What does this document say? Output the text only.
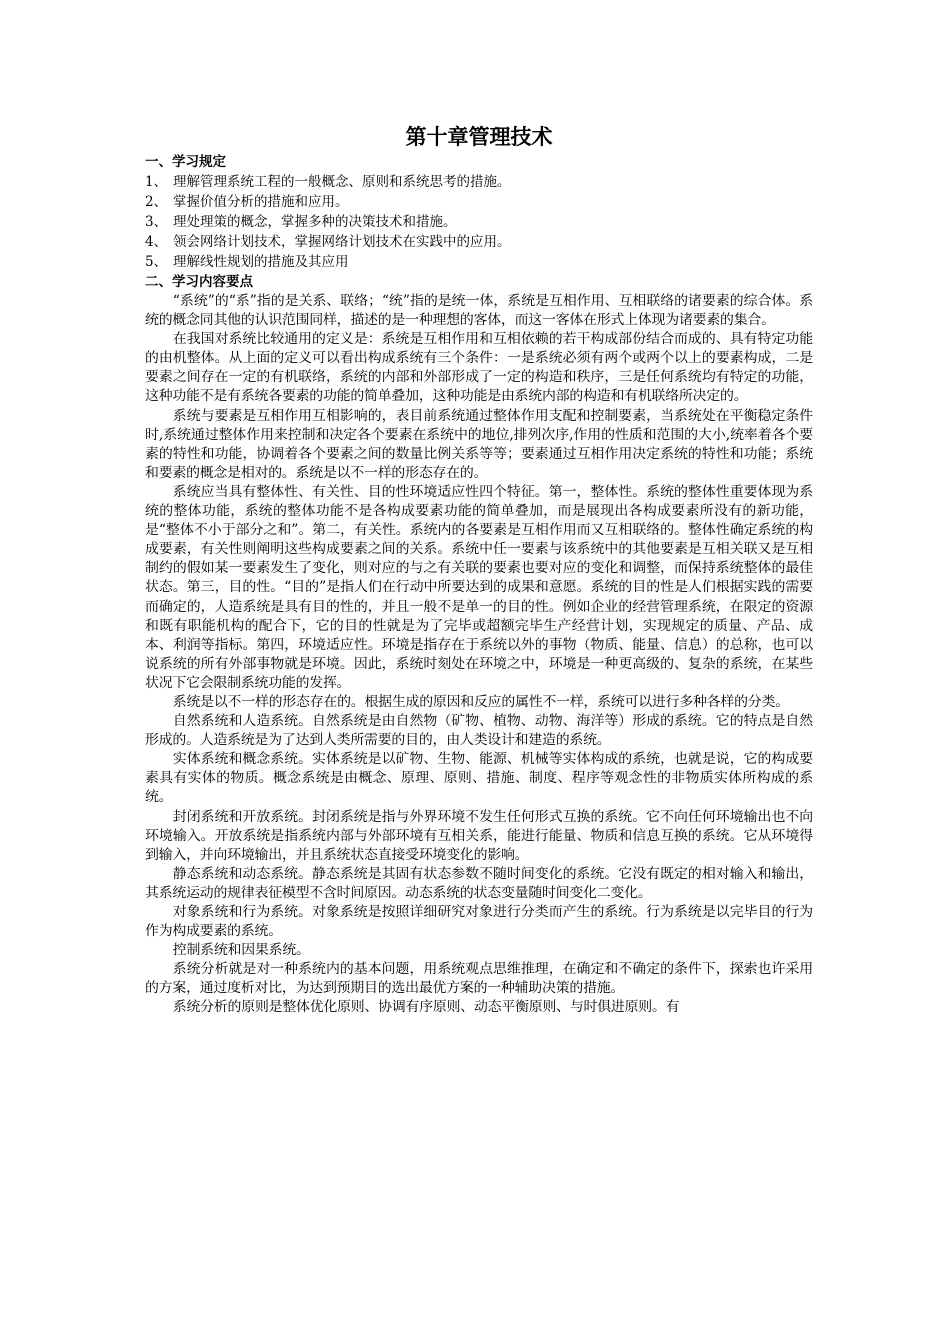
第十章管理技术
一、学习规定
1、 理解管理系统工程的一般概念、原则和系统思考的措施。
2、 掌握价值分析的措施和应用。
3、 理处理策的概念，掌握多种的决策技术和措施。
4、 领会网络计划技术，掌握网络计划技术在实践中的应用。
5、 理解线性规划的措施及其应用
二、学习内容要点

“系统”的“系”指的是关系、联络；“统”指的是统一体，系统是互相作用、互相联络的诸要素的综合体。系统的概念同其他的认识范围同样，描述的是一种理想的客体，而这一客体在形式上体现为诸要素的集合。

在我国对系统比较通用的定义是：系统是互相作用和互相依赖的若干构成部份结合而成的、具有特定功能的由机整体。从上面的定义可以看出构成系统有三个条件：一是系统必须有两个或两个以上的要素构成，二是要素之间存在一定的有机联络，系统的内部和外部形成了一定的构造和秩序，三是任何系统均有特定的功能，这种功能不是有系统各要素的功能的简单叠加，这种功能是由系统内部的构造和有机联络所决定的。

系统与要素是互相作用互相影响的，表目前系统通过整体作用支配和控制要素，当系统处在平衡稳定条件时,系统通过整体作用来控制和决定各个要素在系统中的地位,排列次序,作用的性质和范围的大小,统率着各个要素的特性和功能，协调着各个要素之间的数量比例关系等等；要素通过互相作用决定系统的特性和功能；系统和要素的概念是相对的。系统是以不一样的形态存在的。

系统应当具有整体性、有关性、目的性环境适应性四个特征。第一，整体性。系统的整体性重要体现为系统的整体功能，系统的整体功能不是各构成要素功能的简单叠加，而是展现出各构成要素所没有的新功能，是“整体不小于部分之和”。第二，有关性。系统内的各要素是互相作用而又互相联络的。整体性确定系统的构成要素，有关性则阐明这些构成要素之间的关系。系统中任一要素与该系统中的其他要素是互相关联又是互相制约的假如某一要素发生了变化，则对应的与之有关联的要素也要对应的变化和调整，而保持系统整体的最佳状态。第三，目的性。“目的”是指人们在行动中所要达到的成果和意愿。系统的目的性是人们根据实践的需要而确定的，人造系统是具有目的性的，并且一般不是单一的目的性。例如企业的经营管理系统，在限定的资源和既有职能机构的配合下，它的目的性就是为了完毕或超额完毕生产经营计划，实现规定的质量、产品、成本、利润等指标。第四，环境适应性。环境是指存在于系统以外的事物（物质、能量、信息）的总称，也可以说系统的所有外部事物就是环境。因此，系统时刻处在环境之中，环境是一种更高级的、复杂的系统，在某些状况下它会限制系统功能的发挥。

系统是以不一样的形态存在的。根据生成的原因和反应的属性不一样，系统可以进行多种各样的分类。

自然系统和人造系统。自然系统是由自然物（矿物、植物、动物、海洋等）形成的系统。它的特点是自然形成的。人造系统是为了达到人类所需要的目的，由人类设计和建造的系统。

实体系统和概念系统。实体系统是以矿物、生物、能源、机械等实体构成的系统，也就是说，它的构成要素具有实体的物质。概念系统是由概念、原理、原则、措施、制度、程序等观念性的非物质实体所构成的系统。

封闭系统和开放系统。封闭系统是指与外界环境不发生任何形式互换的系统。它不向任何环境输出也不向环境输入。开放系统是指系统内部与外部环境有互相关系，能进行能量、物质和信息互换的系统。它从环境得到输入，并向环境输出，并且系统状态直接受环境变化的影响。

静态系统和动态系统。静态系统是其固有状态参数不随时间变化的系统。它没有既定的相对输入和输出，其系统运动的规律表征模型不含时间原因。动态系统的状态变量随时间变化二变化。

对象系统和行为系统。对象系统是按照详细研究对象进行分类而产生的系统。行为系统是以完毕目的行为作为构成要素的系统。

控制系统和因果系统。

系统分析就是对一种系统内的基本问题，用系统观点思维推理，在确定和不确定的条件下，探索也许采用的方案，通过度析对比，为达到预期目的选出最优方案的一种辅助决策的措施。

系统分析的原则是整体优化原则、协调有序原则、动态平衡原则、与时俱进原则。有
